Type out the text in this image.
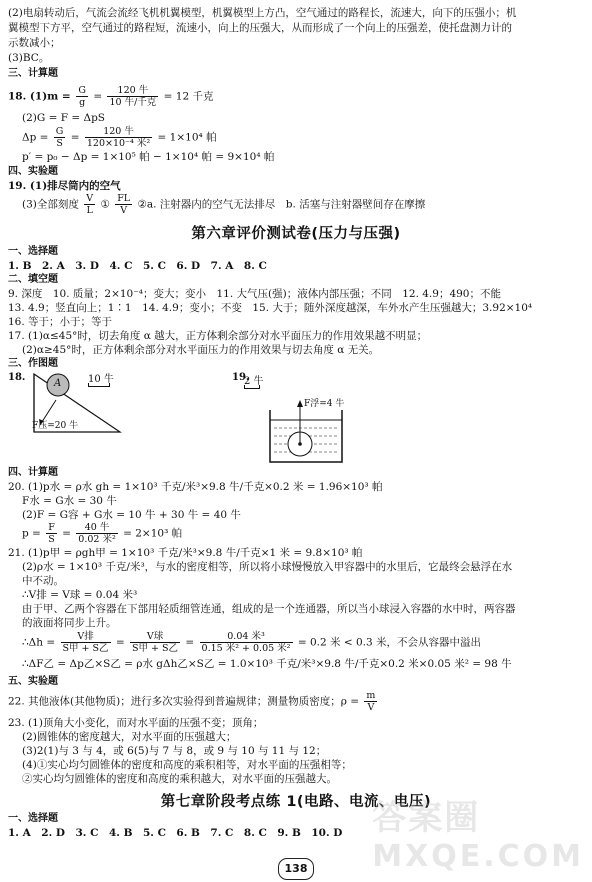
(2)电扇转动后，气流会流经飞机机翼模型，机翼模型上方凸，空气通过的路程长，流速大，向下的压强小；机
翼模型下方平，空气通过的路程短，流速小，向上的压强大，从而形成了一个向上的压强差，使托盘测力计的
示数减小；
(3)BC。
三、计算题
18. $(1)m = \frac{G}{g} = \frac{\text{120 牛}}{\text{10 牛/千克}} = 12$ 千克
(2)G = F = ΔpS
$\Delta p = \frac{G}{S} = \frac{\text{120 牛}}{\text{120×10⁻⁴ 米²}} = 1\times 10^4$ 帕
p′ = p₀ − Δp = 1×10⁵ 帕 − 1×10⁴ 帕 = 9×10⁴ 帕
四、实验题
19. (1)排尽筒内的空气
(3)全部刻度 $\frac{V}{L}$ ① $\frac{FL}{V}$ ②a. 注射器内的空气无法排尽　b. 活塞与注射器壁间存在摩擦
第六章评价测试卷(压力与压强)
一、选择题
1. B　2. A　3. D　4. C　5. C　6. D　7. A　8. C
二、填空题
9. 深度　10. 质量；2×10⁻⁴；变大；变小　11. 大气压(强)；液体内部压强；不同　12. 4.9；490；不能
13. 4.9；竖直向上；1∶1　14. 4.9；变小；不变　15. 大于；随外深度越深，车外水产生压强越大；3.92×10⁴
16. 等于；小于；等于
17. (1)α≤45°时，切去角度 α 越大，正方体剩余部分对水平面压力的作用效果越不明显；
(2)α≥45°时，正方体剩余部分对水平面压力的作用效果与切去角度 α 无关。
三、作图题
18.
A
F压=20 牛
10 牛	19.
2 牛
F浮=4 牛
四、计算题
20. (1)p水 = ρ水 gh = 1×10³ 千克/米³×9.8 牛/千克×0.2 米 = 1.96×10³ 帕
F水 = G水 = 30 牛
(2)F = G容 + G水 = 10 牛 + 30 牛 = 40 牛
$p = \frac{F}{S} = \frac{\text{40 牛}}{\text{0.02 米²}} = 2\times 10^3$ 帕
21. (1)p甲 = ρgh甲 = 1×10³ 千克/米³×9.8 牛/千克×1 米 = 9.8×10³ 帕
(2)ρ水 = 1×10³ 千克/米³，与水的密度相等，所以将小球慢慢放入甲容器中的水里后，它最终会悬浮在水
中不动。
∴V排 = V球 = 0.04 米³
由于甲、乙两个容器在下部用轻质细管连通，组成的是一个连通器，所以当小球浸入容器的水中时，两容器
的液面将同步上升。
∴Δh = $\frac{\text{V排}}{\text{S甲 + S乙}} = \frac{\text{V球}}{\text{S甲 + S乙}} = \frac{\text{0.04 米³}}{\text{0.15 米² + 0.05 米²}} = 0.2$ 米 < 0.3 米，不会从容器中溢出
∴ΔF乙 = Δp乙×S乙 = ρ水 gΔh乙×S乙 = 1.0×10³ 千克/米³×9.8 牛/千克×0.2 米×0.05 米² = 98 牛
五、实验题
22. 其他液体(其他物质)；进行多次实验得到普遍规律；测量物质密度；$\rho = \frac{m}{V}$
23. (1)顶角大小变化，而对水平面的压强不变；顶角；
(2)圆锥体的密度越大，对水平面的压强越大；
(3)2(1)与 3 与 4，或 6(5)与 7 与 8，或 9 与 10 与 11 与 12；
(4)①实心均匀圆锥体的密度和高度的乘积相等，对水平面的压强相等；
②实心均匀圆锥体的密度和高度的乘积越大，对水平面的压强越大。
第七章阶段考点练 1(电路、电流、电压)
一、选择题
1. A　2. D　3. C　4. B　5. C　6. B　7. C　8. C　9. B　10. D
138
答案圈
MXQE.COM
